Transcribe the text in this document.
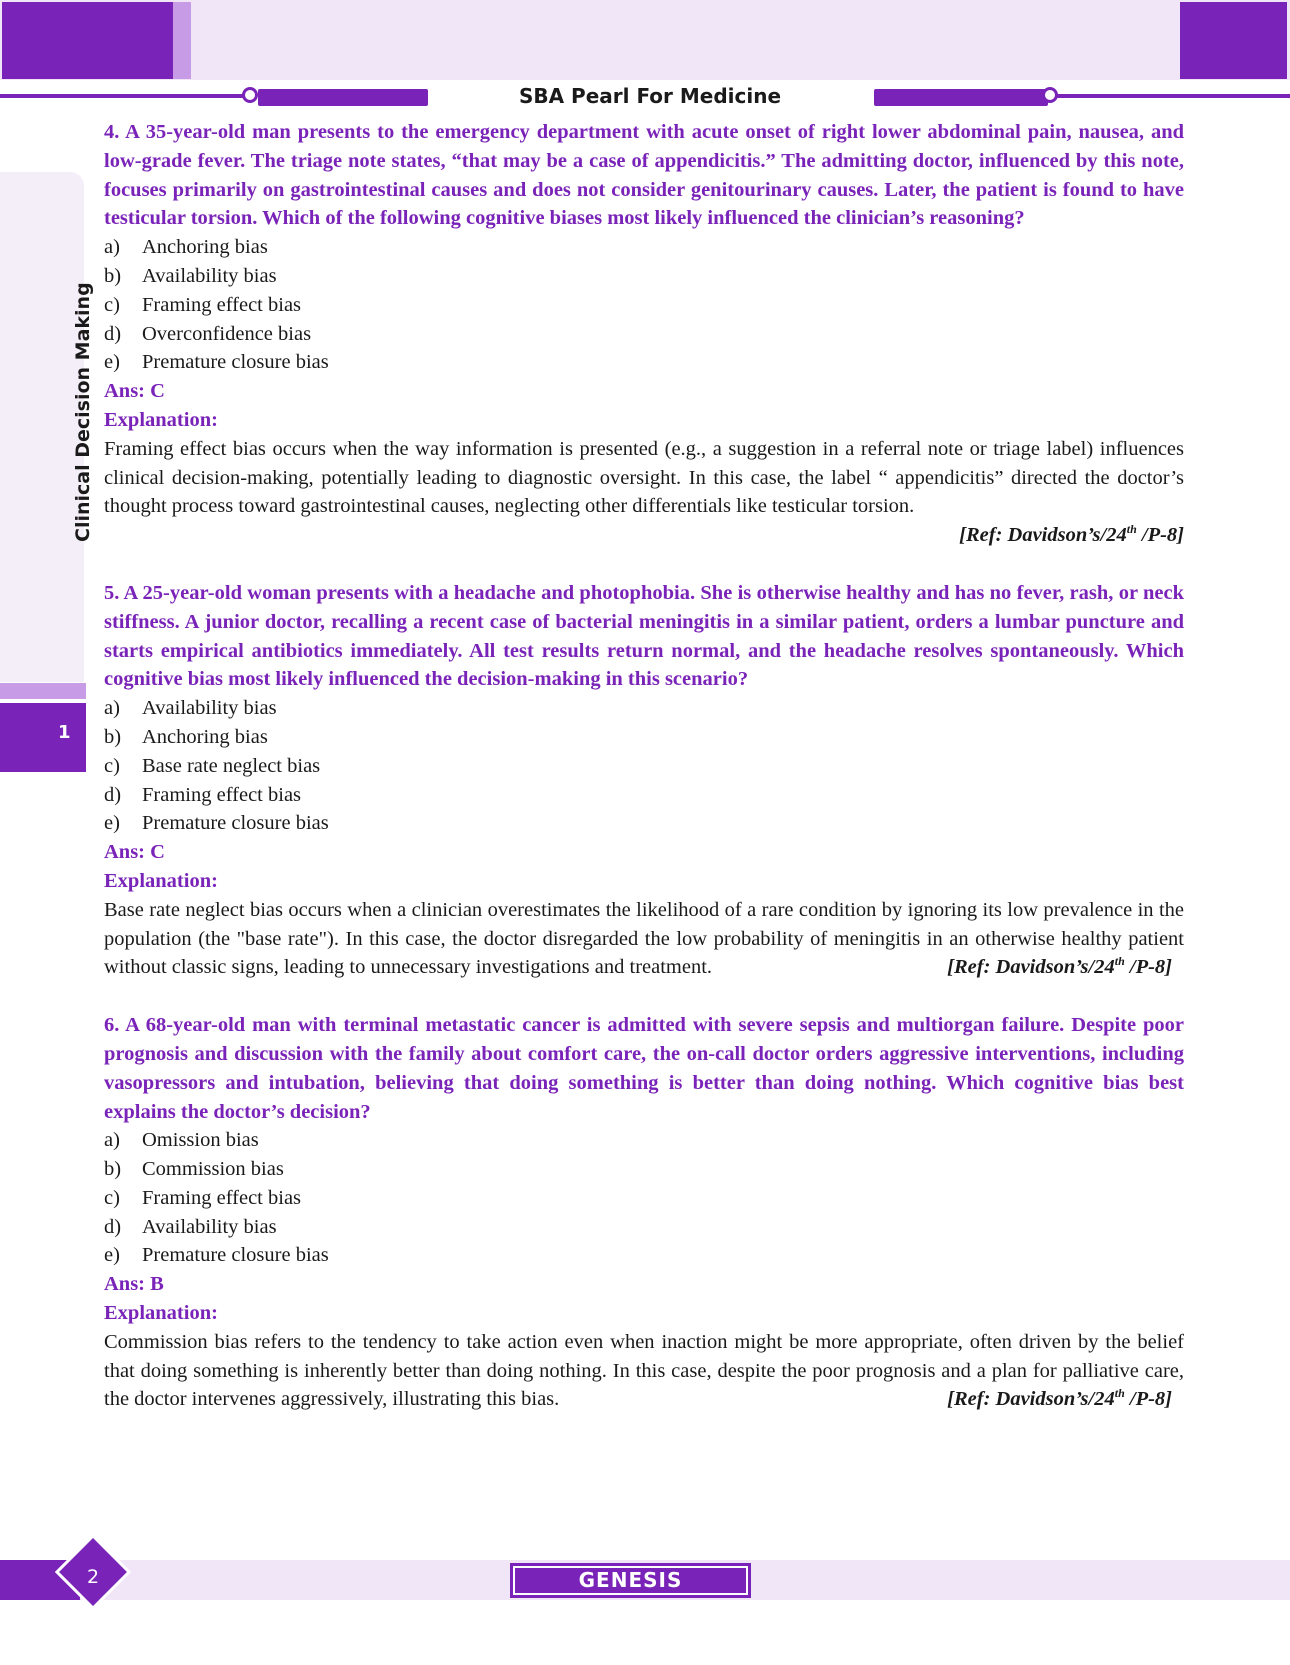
SBA Pearl For Medicine
Clinical Decision Making
1

4. A 35-year-old man presents to the emergency department with acute onset of right lower abdominal pain, nausea, and low-grade fever. The triage note states, “that may be a case of appendicitis.” The admitting doctor, influenced by this note, focuses primarily on gastrointestinal causes and does not consider genitourinary causes. Later, the patient is found to have testicular torsion. Which of the following cognitive biases most likely influenced the clinician’s reasoning?

a) Anchoring bias

b) Availability bias

c) Framing effect bias

d) Overconfidence bias

e) Premature closure bias

Ans: C

Explanation:

Framing effect bias occurs when the way information is presented (e.g., a suggestion in a referral note or triage label) influences clinical decision-making, potentially leading to diagnostic oversight. In this case, the label “ appendicitis” directed the doctor’s thought process toward gastrointestinal causes, neglecting other differentials like testicular torsion.

[Ref: Davidson’s/24th /P-8]

5. A 25-year-old woman presents with a headache and photophobia. She is otherwise healthy and has no fever, rash, or neck stiffness. A junior doctor, recalling a recent case of bacterial meningitis in a similar patient, orders a lumbar puncture and starts empirical antibiotics immediately. All test results return normal, and the headache resolves spontaneously. Which cognitive bias most likely influenced the decision-making in this scenario?

a) Availability bias

b) Anchoring bias

c) Base rate neglect bias

d) Framing effect bias

e) Premature closure bias

Ans: C

Explanation:

Base rate neglect bias occurs when a clinician overestimates the likelihood of a rare condition by ignoring its low prevalence in the population (the "base rate"). In this case, the doctor disregarded the low probability of meningitis in an otherwise healthy patient without classic signs, leading to unnecessary investigations and treatment.	[Ref: Davidson’s/24th /P-8]

6. A 68-year-old man with terminal metastatic cancer is admitted with severe sepsis and multiorgan failure. Despite poor prognosis and discussion with the family about comfort care, the on-call doctor orders aggressive interventions, including vasopressors and intubation, believing that doing something is better than doing nothing. Which cognitive bias best explains the doctor’s decision?

a) Omission bias

b) Commission bias

c) Framing effect bias

d) Availability bias

e) Premature closure bias

Ans: B

Explanation:

Commission bias refers to the tendency to take action even when inaction might be more appropriate, often driven by the belief that doing something is inherently better than doing nothing. In this case, despite the poor prognosis and a plan for palliative care, the doctor intervenes aggressively, illustrating this bias.	[Ref: Davidson’s/24th /P-8]

2	GENESIS
